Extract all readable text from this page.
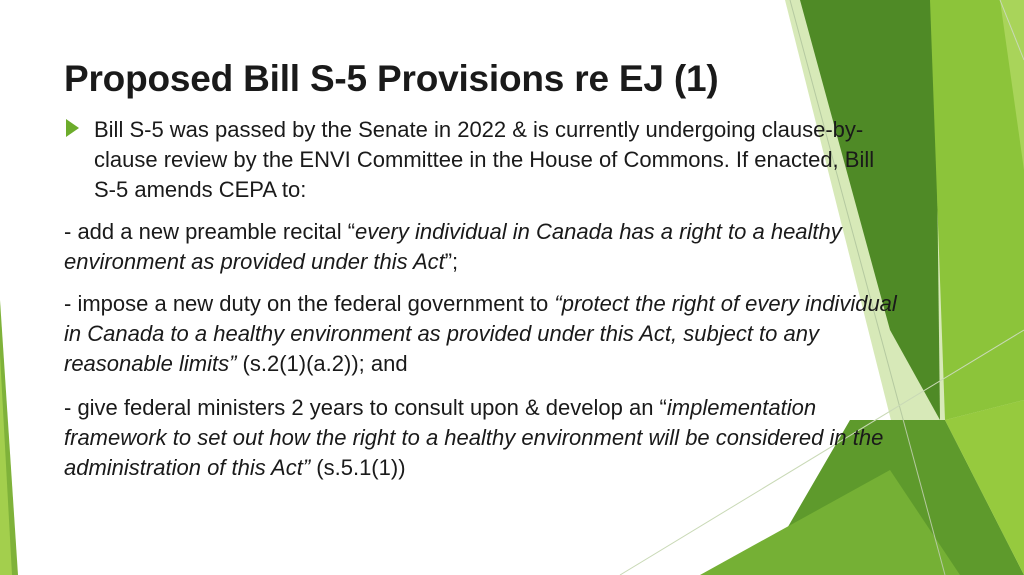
Proposed Bill S-5 Provisions re EJ (1)
Bill S-5 was passed by the Senate in 2022 & is currently undergoing clause-by-clause review by the ENVI Committee in the House of Commons. If enacted, Bill S-5 amends CEPA to:

- add a new preamble recital “every individual in Canada has a right to a healthy environment as provided under this Act”;

- impose a new duty on the federal government to “protect the right of every individual in Canada to a healthy environment as provided under this Act, subject to any reasonable limits” (s.2(1)(a.2)); and

- give federal ministers 2 years to consult upon & develop an “implementation framework to set out how the right to a healthy environment will be considered in the administration of this Act” (s.5.1(1))
